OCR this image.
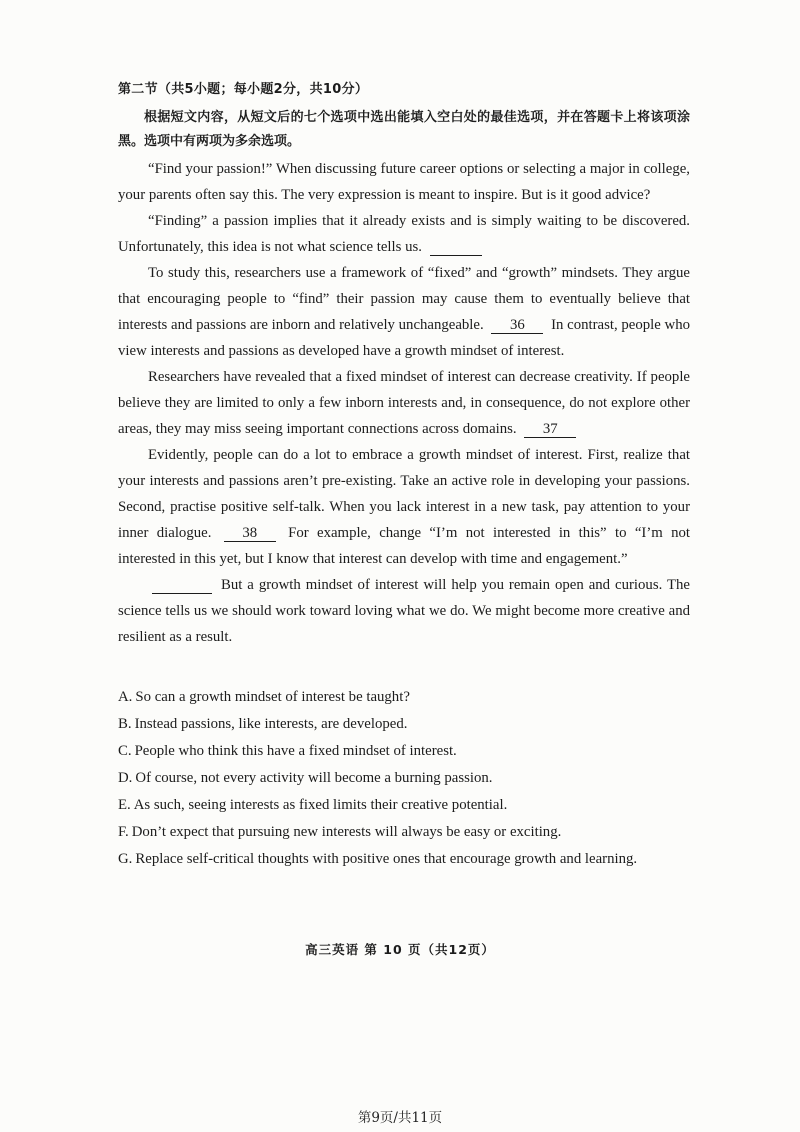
第二节（共5小题；每小题2分，共10分）

根据短文内容，从短文后的七个选项中选出能填入空白处的最佳选项，并在答题卡上将该项涂黑。选项中有两项为多余选项。

“Find your passion!” When discussing future career options or selecting a major in college, your parents often say this. The very expression is meant to inspire. But is it good advice?

“Finding” a passion implies that it already exists and is simply waiting to be discovered. Unfortunately, this idea is not what science tells us.

To study this, researchers use a framework of “fixed” and “growth” mindsets. They argue that encouraging people to “find” their passion may cause them to eventually believe that interests and passions are inborn and relatively unchangeable. 36 In contrast, people who view interests and passions as developed have a growth mindset of interest.

Researchers have revealed that a fixed mindset of interest can decrease creativity. If people believe they are limited to only a few inborn interests and, in consequence, do not explore other areas, they may miss seeing important connections across domains. 37

Evidently, people can do a lot to embrace a growth mindset of interest. First, realize that your interests and passions aren’t pre-existing. Take an active role in developing your passions. Second, practise positive self-talk. When you lack interest in a new task, pay attention to your inner dialogue. 38 For example, change “I’m not interested in this” to “I’m not interested in this yet, but I know that interest can develop with time and engagement.”

But a growth mindset of interest will help you remain open and curious. The science tells us we should work toward loving what we do. We might become more creative and resilient as a result.

A. So can a growth mindset of interest be taught?

B. Instead passions, like interests, are developed.

C. People who think this have a fixed mindset of interest.

D. Of course, not every activity will become a burning passion.

E. As such, seeing interests as fixed limits their creative potential.

F. Don’t expect that pursuing new interests will always be easy or exciting.

G. Replace self-critical thoughts with positive ones that encourage growth and learning.

高三英语 第 10 页（共12页）
第9页/共11页
